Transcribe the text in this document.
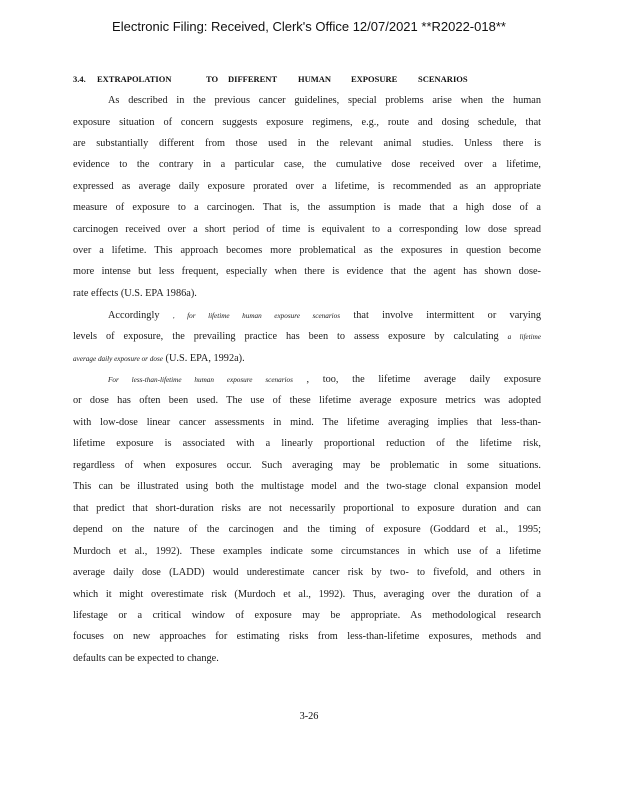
Electronic Filing: Received, Clerk's Office 12/07/2021 **R2022-018**
3.4. EXTRAPOLATION	TO DIFFERENT HUMAN EXPOSURE SCENARIOS
As described in the previous cancer guidelines, special problems arise when the human
exposure situation of concern suggests exposure regimens, e.g., route and dosing schedule, that
are substantially different from those used in the relevant animal studies. Unless there is
evidence to the contrary in a particular case, the cumulative dose received over a lifetime,
expressed as average daily exposure prorated over a lifetime, is recommended as an appropriate
measure of exposure to a carcinogen. That is, the assumption is made that a high dose of a
carcinogen received over a short period of time is equivalent to a corresponding low dose spread
over a lifetime. This approach becomes more problematical as the exposures in question become
more intense but less frequent, especially when there is evidence that the agent has shown dose-
rate effects (U.S. EPA 1986a).
Accordingly , for lifetime human exposure scenarios that involve intermittent or varying
levels of exposure, the prevailing practice has been to assess exposure by calculating a lifetime
average daily exposure or dose (U.S. EPA, 1992a).
For less-than-lifetime human exposure scenarios , too, the lifetime average daily exposure
or dose has often been used. The use of these lifetime average exposure metrics was adopted
with low-dose linear cancer assessments in mind. The lifetime averaging implies that less-than-
lifetime exposure is associated with a linearly proportional reduction of the lifetime risk,
regardless of when exposures occur. Such averaging may be problematic in some situations.
This can be illustrated using both the multistage model and the two-stage clonal expansion model
that predict that short-duration risks are not necessarily proportional to exposure duration and can
depend on the nature of the carcinogen and the timing of exposure (Goddard et al., 1995;
Murdoch et al., 1992). These examples indicate some circumstances in which use of a lifetime
average daily dose (LADD) would underestimate cancer risk by two- to fivefold, and others in
which it might overestimate risk (Murdoch et al., 1992). Thus, averaging over the duration of a
lifestage or a critical window of exposure may be appropriate. As methodological research
focuses on new approaches for estimating risks from less-than-lifetime exposures, methods and
defaults can be expected to change.
3-26
